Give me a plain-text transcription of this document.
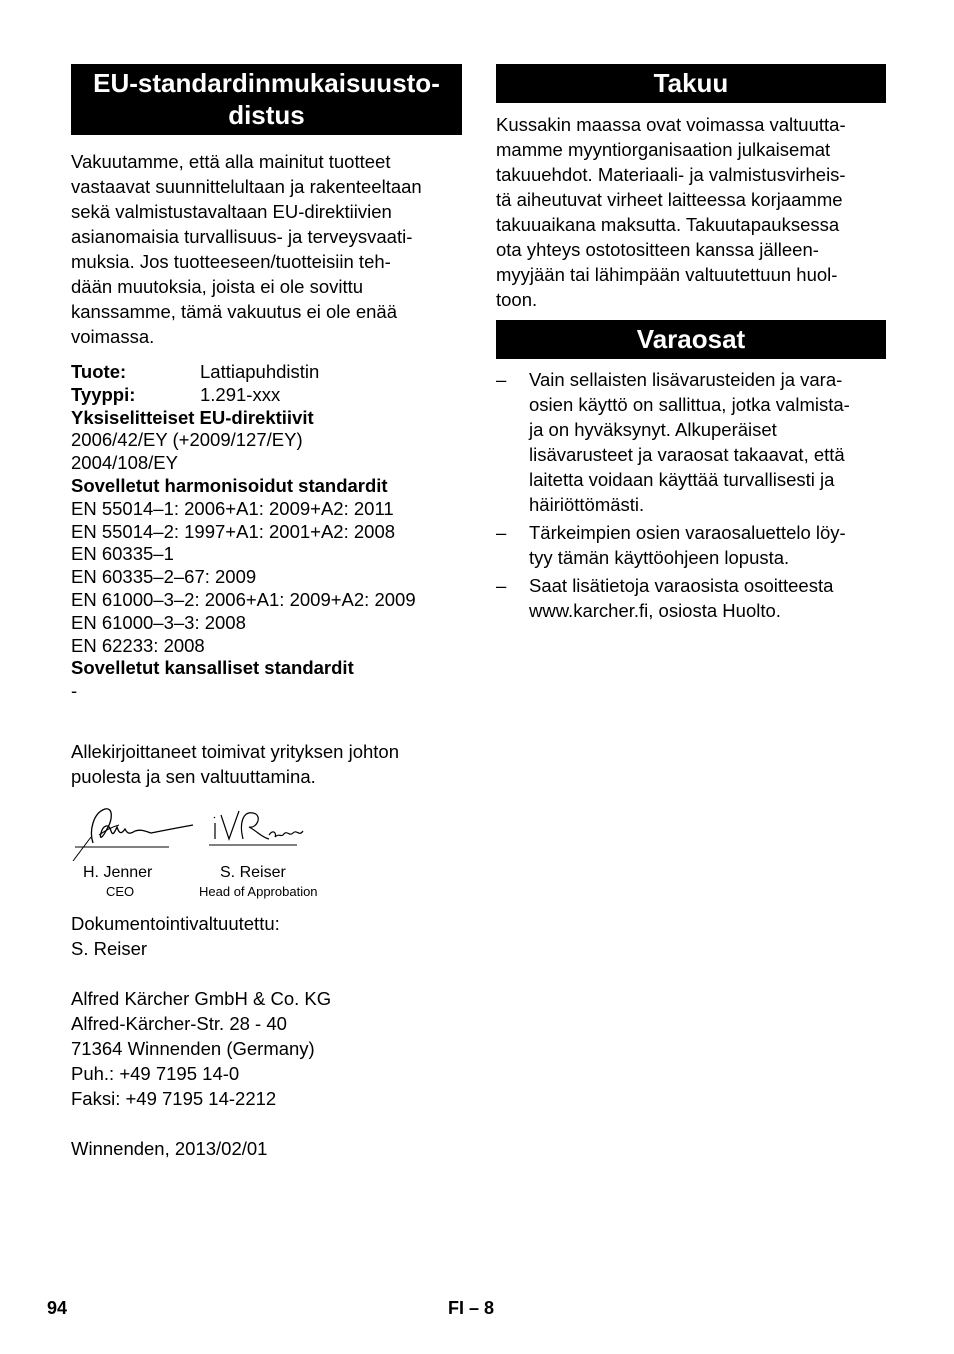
EU-standardinmukaisuusto-
distus
Vakuutamme, että alla mainitut tuotteet
vastaavat suunnittelultaan ja rakenteeltaan
sekä valmistustavaltaan EU-direktiivien
asianomaisia turvallisuus- ja terveysvaati-
muksia. Jos tuotteeseen/tuotteisiin teh-
dään muutoksia, joista ei ole sovittu
kanssamme, tämä vakuutus ei ole enää
voimassa.
Tuote:	Lattiapuhdistin
Tyyppi:	1.291-xxx
Yksiselitteiset EU-direktiivit
2006/42/EY (+2009/127/EY)
2004/108/EY
Sovelletut harmonisoidut standardit
EN 55014–1: 2006+A1: 2009+A2: 2011
EN 55014–2: 1997+A1: 2001+A2: 2008
EN 60335–1
EN 60335–2–67: 2009
EN 61000–3–2: 2006+A1: 2009+A2: 2009
EN 61000–3–3: 2008
EN 62233: 2008
Sovelletut kansalliset standardit
-
Allekirjoittaneet toimivat yrityksen johton
puolesta ja sen valtuuttamina.
H. Jenner
CEO
S. Reiser
Head of Approbation
Dokumentointivaltuutettu:
S. Reiser
Alfred Kärcher GmbH & Co. KG
Alfred-Kärcher-Str. 28 - 40
71364 Winnenden (Germany)
Puh.: +49 7195 14-0
Faksi: +49 7195 14-2212
Winnenden, 2013/02/01
Takuu
Kussakin maassa ovat voimassa valtuutta-
mamme myyntiorganisaation julkaisemat
takuuehdot. Materiaali- ja valmistusvirheis-
tä aiheutuvat virheet laitteessa korjaamme
takuuaikana maksutta. Takuutapauksessa
ota yhteys ostotositteen kanssa jälleen-
myyjään tai lähimpään valtuutettuun huol-
toon.
Varaosat
– Vain sellaisten lisävarusteiden ja vara-
osien käyttö on sallittua, jotka valmista-
ja on hyväksynyt. Alkuperäiset
lisävarusteet ja varaosat takaavat, että
laitetta voidaan käyttää turvallisesti ja
häiriöttömästi.
– Tärkeimpien osien varaosaluettelo löy-
tyy tämän käyttöohjeen lopusta.
– Saat lisätietoja varaosista osoitteesta
www.karcher.fi, osiosta Huolto.
94	FI – 8
